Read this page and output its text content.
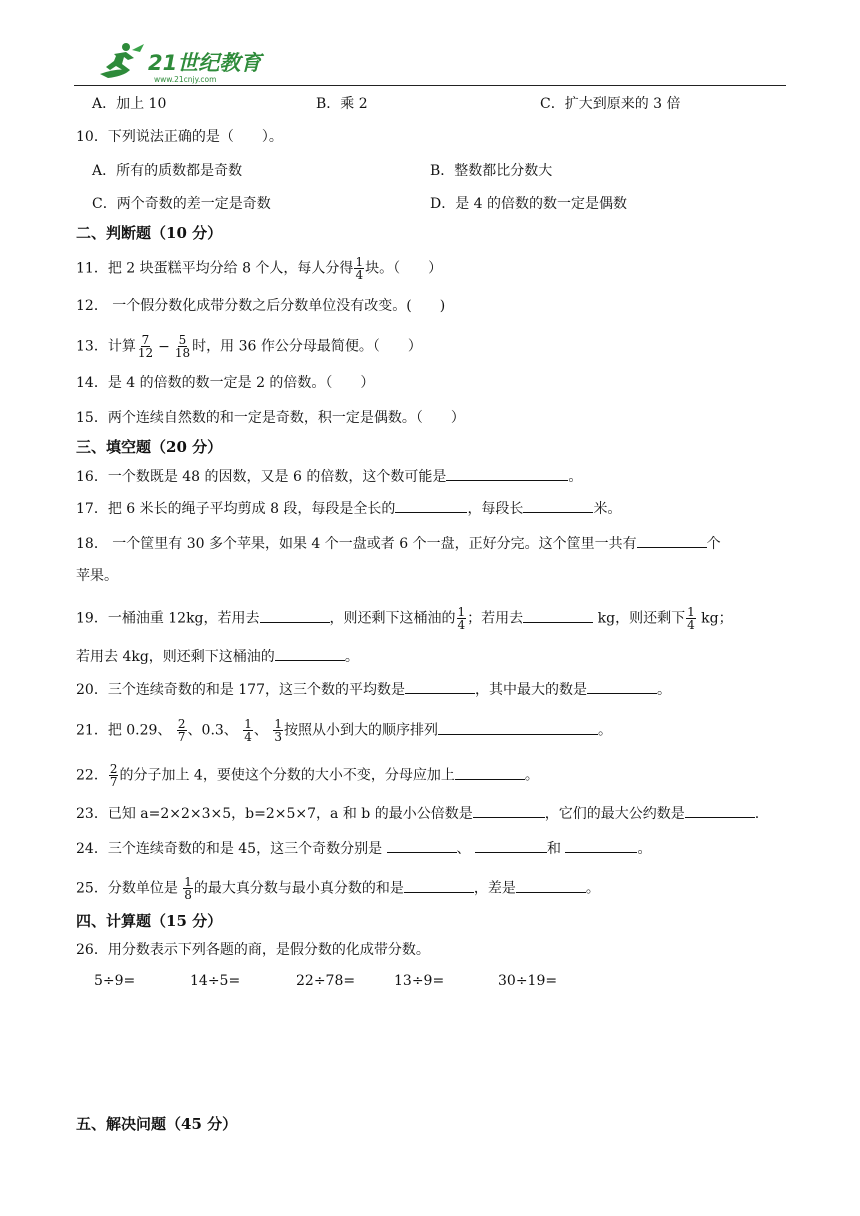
21世纪教育
www.21cnjy.com
A．加上 10	B．乘 2	C．扩大到原来的 3 倍
10．下列说法正确的是（　　）。
A．所有的质数都是奇数	B．整数都比分数大
C．两个奇数的差一定是奇数	D．是 4 的倍数的数一定是偶数
二、判断题（10 分）
11．把 2 块蛋糕平均分给 8 个人，每人分得 $\frac{1}{4}$ 块。（　　）
12． 一个假分数化成带分数之后分数单位没有改变。(　　)
13．计算 $\frac{7}{12} - \frac{5}{18}$ 时，用 36 作公分母最简便。（　　）
14．是 4 的倍数的数一定是 2 的倍数。（　　）
15．两个连续自然数的和一定是奇数，积一定是偶数。（　　）
三、填空题（20 分）
16．一个数既是 48 的因数，又是 6 的倍数，这个数可能是	。
17．把 6 米长的绳子平均剪成 8 段，每段是全长的	，每段长	米。
18． 一个筐里有 30 多个苹果，如果 4 个一盘或者 6 个一盘，正好分完。这个筐里一共有	个
苹果。
19．一桶油重 12kg，若用去	，则还剩下这桶油的 $\frac{1}{4}$ ；若用去	kg，则还剩下 $\frac{1}{4}$ kg；
若用去 4kg，则还剩下这桶油的	。
20．三个连续奇数的和是 177，这三个数的平均数是	，其中最大的数是	。
21．把 0.29、 $\frac{2}{7}$ 、0.3、 $\frac{1}{4}$ 、 $\frac{1}{3}$ 按照从小到大的顺序排列	。
22． $\frac{2}{7}$ 的分子加上 4，要使这个分数的大小不变，分母应加上	。
23．已知 a=2×2×3×5，b=2×5×7，a 和 b 的最小公倍数是	，它们的最大公约数是	.
24．三个连续奇数的和是 45，这三个奇数分别是	、	和	。
25．分数单位是 $\frac{1}{8}$ 的最大真分数与最小真分数的和是	，差是	。
四、计算题（15 分）
26．用分数表示下列各题的商，是假分数的化成带分数。
5÷9=	14÷5=	22÷78=	13÷9=	30÷19=
五、解决问题（45 分）
